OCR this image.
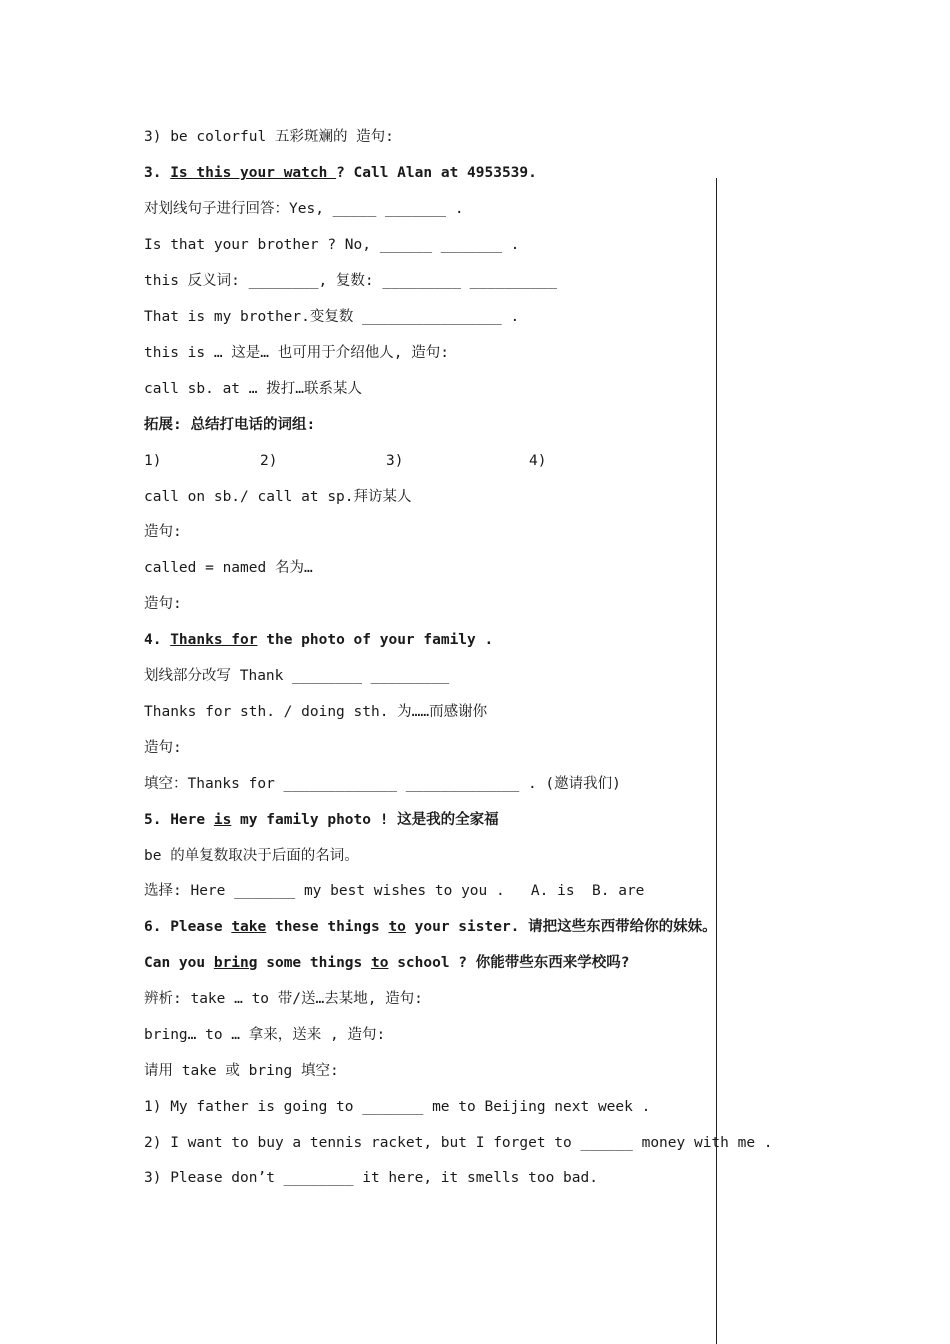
3) be colorful 五彩斑斓的 造句:
3. Is this your watch ? Call Alan at 4953539.
对划线句子进行回答：Yes, _____ _______ .
Is that your brother ? No, ______ _______ .
this 反义词: ________, 复数: _________ __________
That is my brother.变复数 ________________ .
this is … 这是… 也可用于介绍他人, 造句:
call sb. at … 拨打…联系某人
拓展: 总结打电话的词组:
1)	2)	3)	4)
call on sb./ call at sp.拜访某人
造句:
called = named 名为…
造句:
4. Thanks for the photo of your family .
划线部分改写 Thank ________ _________
Thanks for sth. / doing sth. 为……而感谢你
造句:
填空：Thanks for _____________ _____________ . (邀请我们)
5. Here is my family photo ! 这是我的全家福
be 的单复数取决于后面的名词。
选择: Here _______ my best wishes to you .   A. is  B. are
6. Please take these things to your sister. 请把这些东西带给你的妹妹。
Can you bring some things to school ? 你能带些东西来学校吗?
辨析: take … to 带/送…去某地, 造句:
bring… to … 拿来，送来 , 造句:
请用 take 或 bring 填空:
1) My father is going to _______ me to Beijing next week .
2) I want to buy a tennis racket, but I forget to ______ money with me .
3) Please don’t ________ it here, it smells too bad.
